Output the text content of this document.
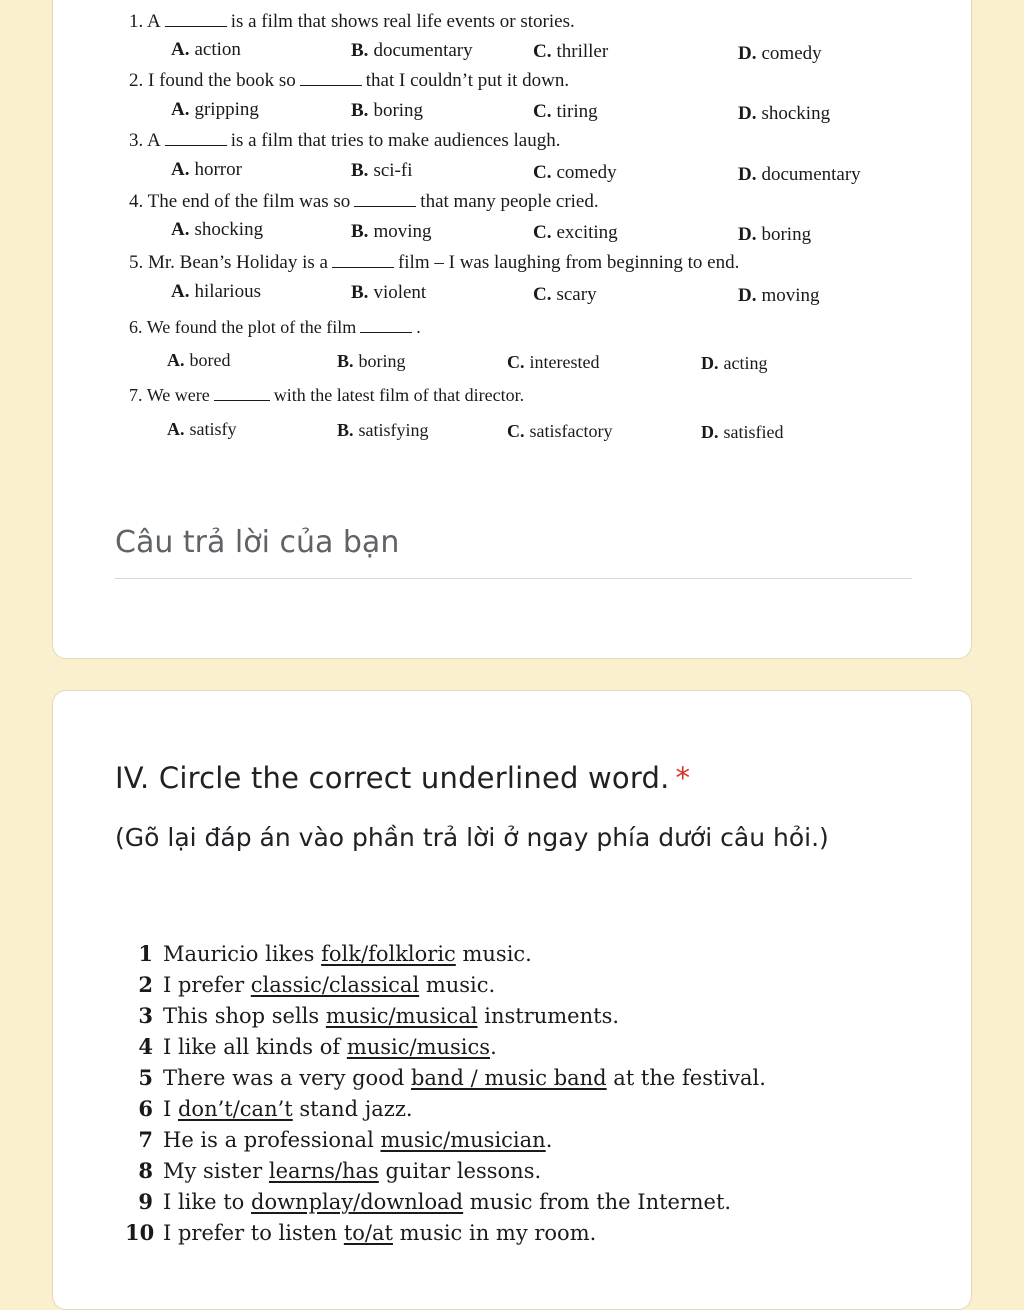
1. A	is a film that shows real life events or stories.
A. action	B. documentary	C. thriller	D. comedy
2. I found the book so	that I couldn’t put it down.
A. gripping	B. boring	C. tiring	D. shocking
3. A	is a film that tries to make audiences laugh.
A. horror	B. sci-fi	C. comedy	D. documentary
4. The end of the film was so	that many people cried.
A. shocking	B. moving	C. exciting	D. boring
5. Mr. Bean’s Holiday is a	film – I was laughing from beginning to end.
A. hilarious	B. violent	C. scary	D. moving
6. We found the plot of the film	.
A. bored	B. boring	C. interested	D. acting
7. We were	with the latest film of that director.
A. satisfy	B. satisfying	C. satisfactory	D. satisfied
Câu trả lời của bạn
IV. Circle the correct underlined word. *
(Gõ lại đáp án vào phần trả lời ở ngay phía dưới câu hỏi.)
1 Mauricio likes folk/folkloric music.
2 I prefer classic/classical music.
3 This shop sells music/musical instruments.
4 I like all kinds of music/musics.
5 There was a very good band / music band at the festival.
6 I don’t/can’t stand jazz.
7 He is a professional music/musician.
8 My sister learns/has guitar lessons.
9 I like to downplay/download music from the Internet.
10 I prefer to listen to/at music in my room.
